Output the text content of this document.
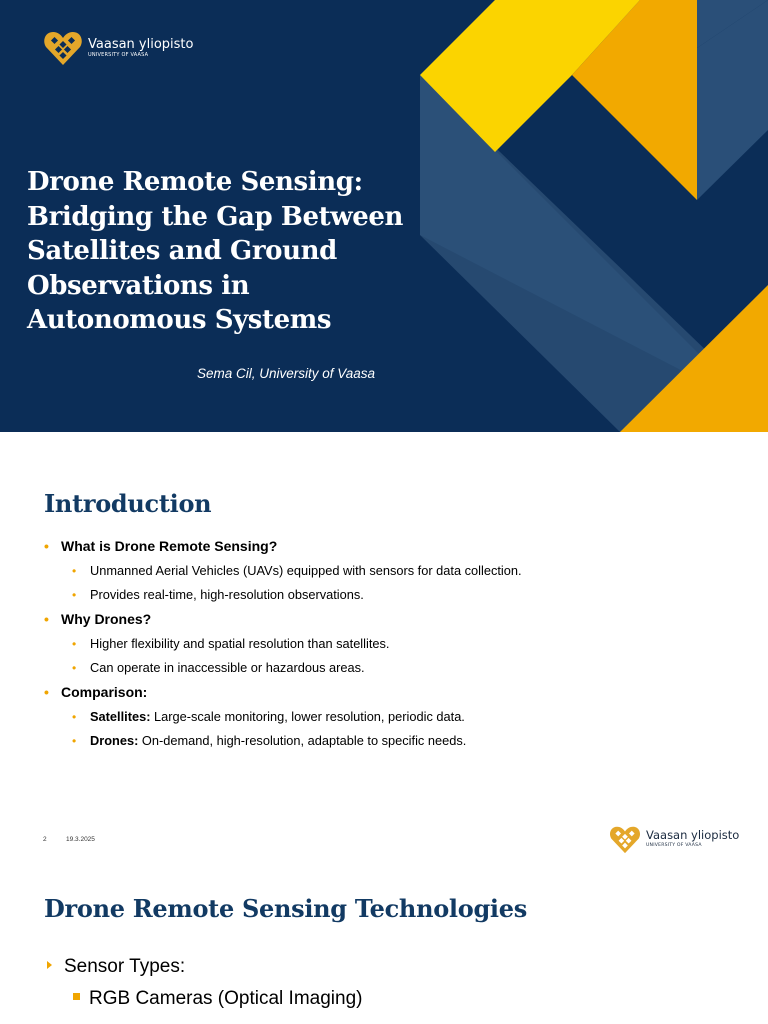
Vaasan yliopisto
UNIVERSITY OF VAASA
Drone Remote Sensing:
Bridging the Gap Between
Satellites and Ground
Observations in
Autonomous Systems
Sema Cil, University of Vaasa
Introduction
• What is Drone Remote Sensing?
• Unmanned Aerial Vehicles (UAVs) equipped with sensors for data collection.
• Provides real-time, high-resolution observations.
• Why Drones?
• Higher flexibility and spatial resolution than satellites.
• Can operate in inaccessible or hazardous areas.
• Comparison:
• Satellites: Large-scale monitoring, lower resolution, periodic data.
• Drones: On-demand, high-resolution, adaptable to specific needs.
2	19.3.2025	Vaasan yliopisto
UNIVERSITY OF VAASA
Drone Remote Sensing Technologies
Sensor Types:
RGB Cameras (Optical Imaging)
